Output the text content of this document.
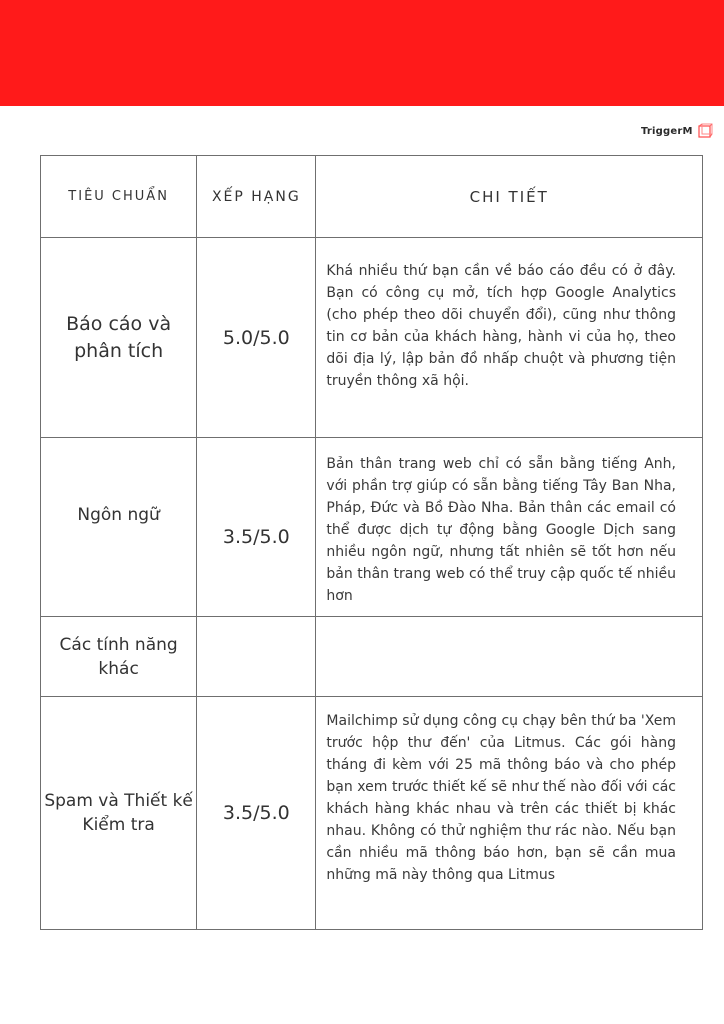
TriggerM
TIÊU CHUẨN	XẾP HẠNG	CHI TIẾT

Báo cáo và phân tích	5.0/5.0	Khá nhiều thứ bạn cần về báo cáo đều có ở đây. Bạn có công cụ mở, tích hợp Google Analytics (cho phép theo dõi chuyển đổi), cũng như thông tin cơ bản của khách hàng, hành vi của họ, theo dõi địa lý, lập bản đồ nhấp chuột và phương tiện truyền thông xã hội.

Ngôn ngữ	3.5/5.0	Bản thân trang web chỉ có sẵn bằng tiếng Anh, với phần trợ giúp có sẵn bằng tiếng Tây Ban Nha, Pháp, Đức và Bồ Đào Nha. Bản thân các email có thể được dịch tự động bằng Google Dịch sang nhiều ngôn ngữ, nhưng tất nhiên sẽ tốt hơn nếu bản thân trang web có thể truy cập quốc tế nhiều hơn

Các tính năng khác		

Spam và Thiết kế Kiểm tra	3.5/5.0	Mailchimp sử dụng công cụ chạy bên thứ ba 'Xem trước hộp thư đến' của Litmus. Các gói hàng tháng đi kèm với 25 mã thông báo và cho phép bạn xem trước thiết kế sẽ như thế nào đối với các khách hàng khác nhau và trên các thiết bị khác nhau. Không có thử nghiệm thư rác nào. Nếu bạn cần nhiều mã thông báo hơn, bạn sẽ cần mua những mã này thông qua Litmus
